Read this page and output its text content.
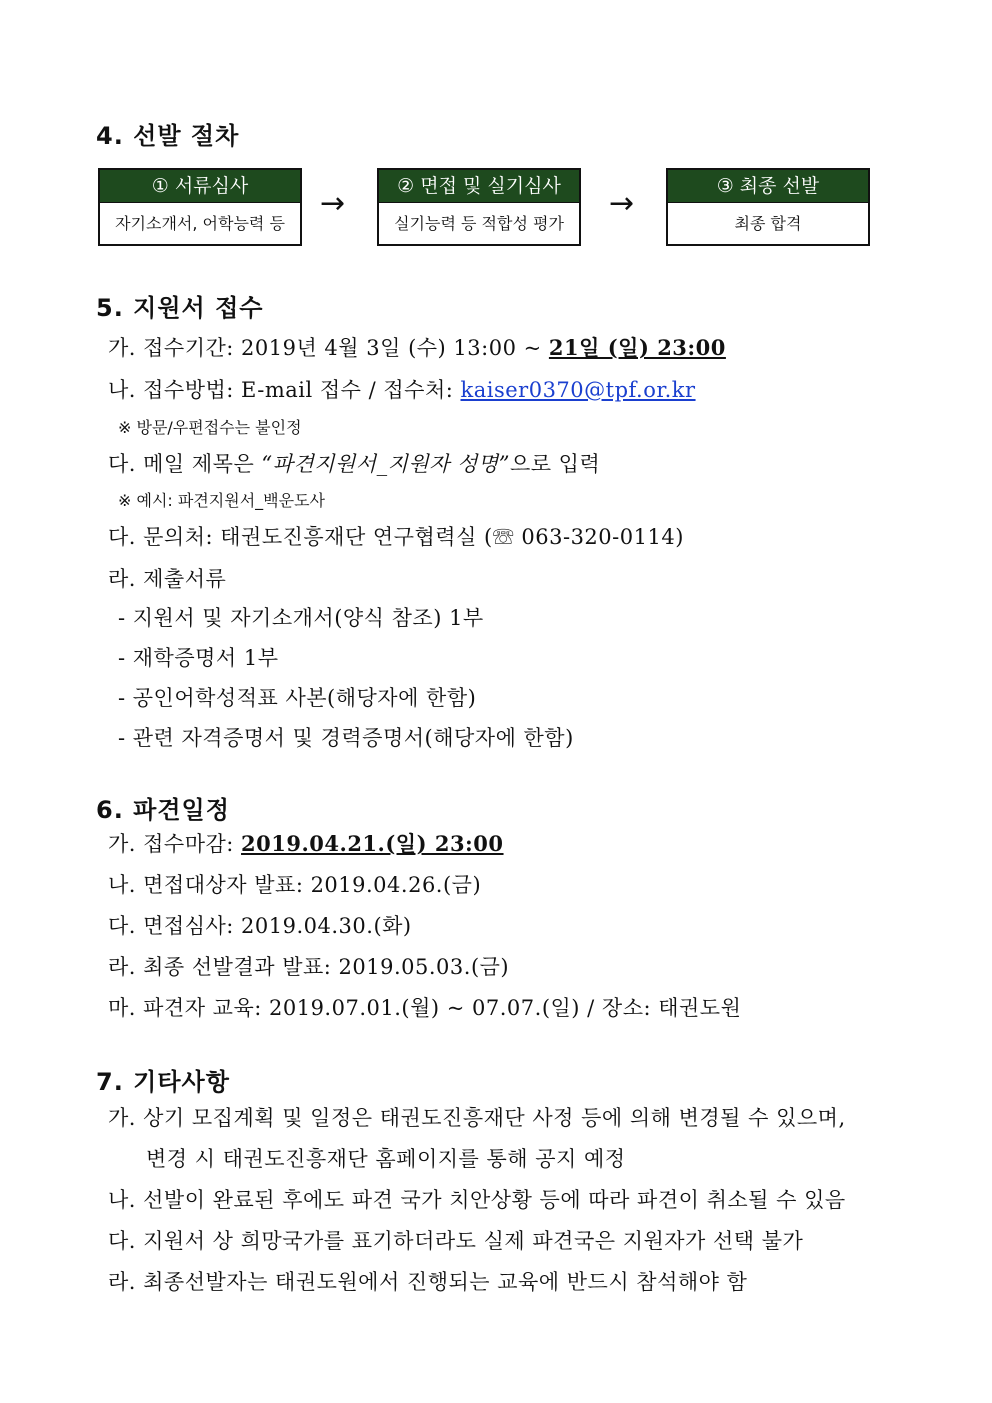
4. 선발 절차
① 서류심사
자기소개서, 어학능력 등
→	② 면접 및 실기심사
실기능력 등 적합성 평가
→	③ 최종 선발
최종 합격
5. 지원서 접수
가. 접수기간: 2019년 4월 3일 (수) 13:00 ~ 21일 (일) 23:00
나. 접수방법: E-mail 접수 / 접수처: kaiser0370@tpf.or.kr
※ 방문/우편접수는 불인정
다. 메일 제목은 “파견지원서_지원자 성명”으로 입력
※ 예시: 파견지원서_백운도사
다. 문의처: 태권도진흥재단 연구협력실 (☏ 063-320-0114)
라. 제출서류
- 지원서 및 자기소개서(양식 참조) 1부
- 재학증명서 1부
- 공인어학성적표 사본(해당자에 한함)
- 관련 자격증명서 및 경력증명서(해당자에 한함)
6. 파견일정
가. 접수마감: 2019.04.21.(일) 23:00
나. 면접대상자 발표: 2019.04.26.(금)
다. 면접심사: 2019.04.30.(화)
라. 최종 선발결과 발표: 2019.05.03.(금)
마. 파견자 교육: 2019.07.01.(월) ~ 07.07.(일) / 장소: 태권도원
7. 기타사항
가. 상기 모집계획 및 일정은 태권도진흥재단 사정 등에 의해 변경될 수 있으며,
변경 시 태권도진흥재단 홈페이지를 통해 공지 예정
나. 선발이 완료된 후에도 파견 국가 치안상황 등에 따라 파견이 취소될 수 있음
다. 지원서 상 희망국가를 표기하더라도 실제 파견국은 지원자가 선택 불가
라. 최종선발자는 태권도원에서 진행되는 교육에 반드시 참석해야 함
